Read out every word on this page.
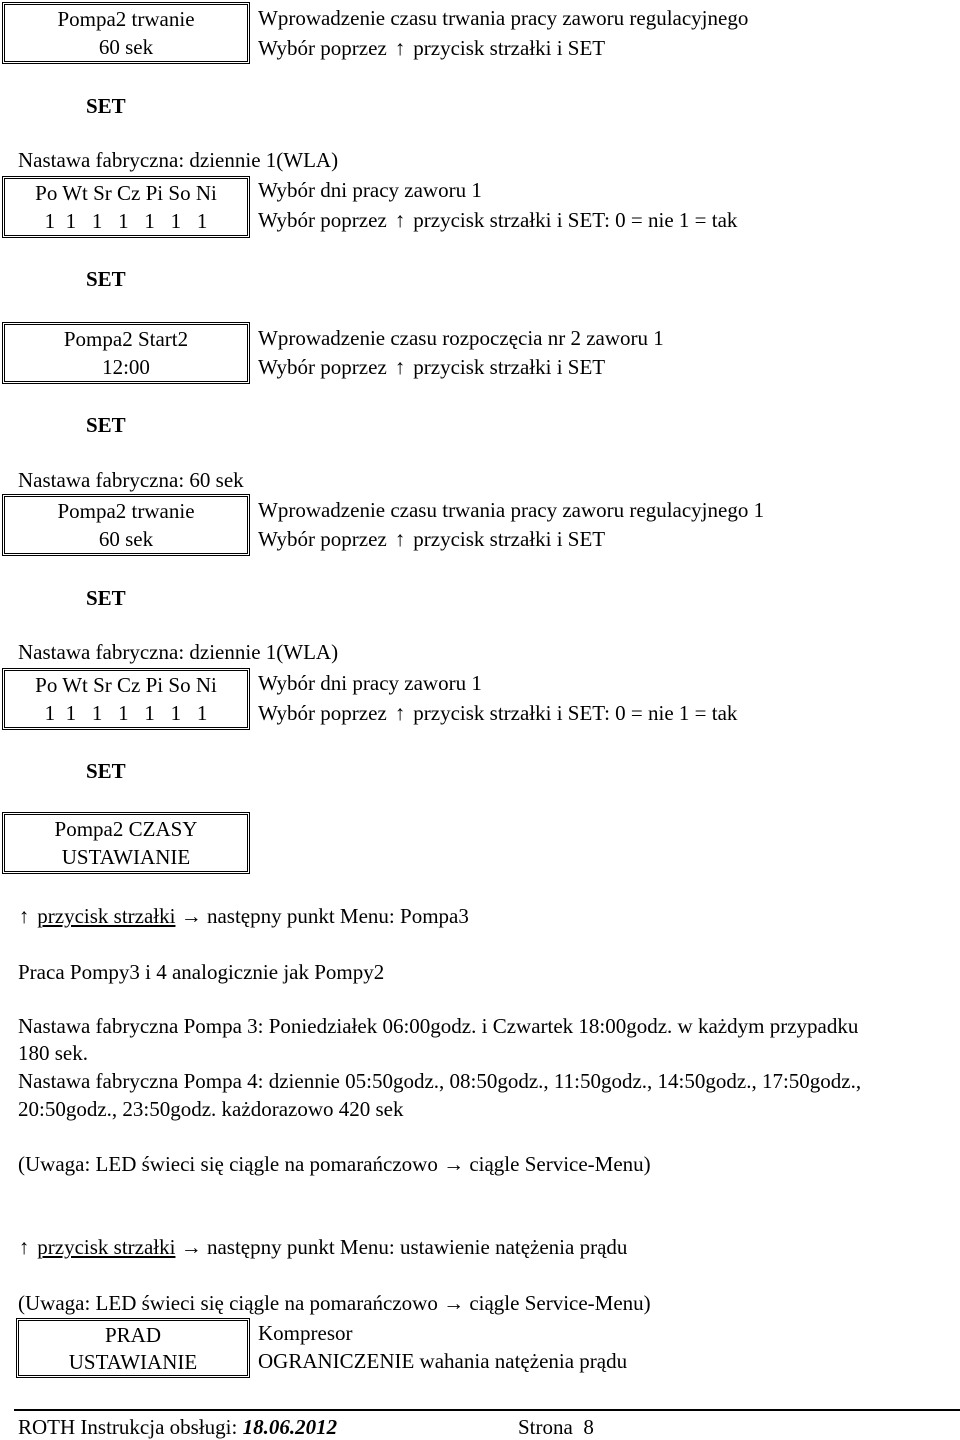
Pompa2 trwanie
60 sek
Wprowadzenie czasu trwania pracy zaworu regulacyjnego
Wybór poprzez ↑ przycisk strzałki i SET
SET
Nastawa fabryczna: dziennie 1(WLA)
Po Wt Sr Cz Pi So Ni
1  1   1   1   1   1   1
Wybór dni pracy zaworu 1
Wybór poprzez ↑ przycisk strzałki i SET: 0 = nie 1 = tak
SET
Pompa2 Start2
12:00
Wprowadzenie czasu rozpoczęcia nr 2 zaworu 1
Wybór poprzez ↑ przycisk strzałki i SET
SET
Nastawa fabryczna: 60 sek
Pompa2 trwanie
60 sek
Wprowadzenie czasu trwania pracy zaworu regulacyjnego 1
Wybór poprzez ↑ przycisk strzałki i SET
SET
Nastawa fabryczna: dziennie 1(WLA)
Po Wt Sr Cz Pi So Ni
1  1   1   1   1   1   1
Wybór dni pracy zaworu 1
Wybór poprzez ↑ przycisk strzałki i SET: 0 = nie 1 = tak
SET
Pompa2 CZASY
USTAWIANIE
↑ przycisk strzałki → następny punkt Menu: Pompa3
Praca Pompy3 i 4 analogicznie jak Pompy2
Nastawa fabryczna Pompa 3: Poniedziałek 06:00godz. i Czwartek 18:00godz. w każdym przypadku
180 sek.
Nastawa fabryczna Pompa 4: dziennie 05:50godz., 08:50godz., 11:50godz., 14:50godz., 17:50godz.,
20:50godz., 23:50godz. każdorazowo 420 sek
(Uwaga: LED świeci się ciągle na pomarańczowo → ciągle Service-Menu)
↑ przycisk strzałki → następny punkt Menu: ustawienie natężenia prądu
(Uwaga: LED świeci się ciągle na pomarańczowo → ciągle Service-Menu)
PRAD
USTAWIANIE
Kompresor
OGRANICZENIE wahania natężenia prądu
ROTH Instrukcja obsługi: 18.06.2012	Strona  8
